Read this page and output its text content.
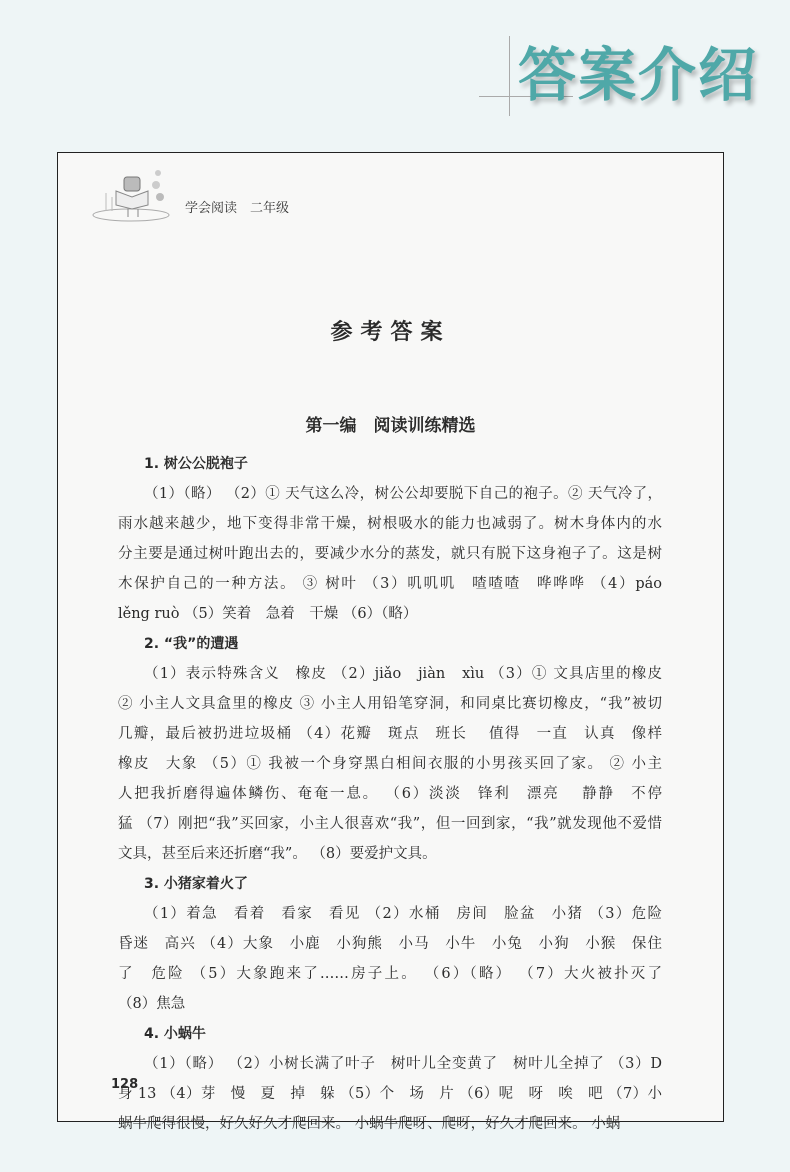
答案介绍
学会阅读　二年级
参考答案
第一编　阅读训练精选
1. 树公公脱袍子
（1）（略） （2）① 天气这么冷，树公公却要脱下自己的袍子。② 天气冷了，
雨水越来越少，地下变得非常干燥，树根吸水的能力也减弱了。树木身体内的水
分主要是通过树叶跑出去的，要减少水分的蒸发，就只有脱下这身袍子了。这是树
木保护自己的一种方法。 ③ 树叶 （3）叽叽叽　喳喳喳　哗哗哗 （4）páo
lěng ruò （5）笑着　急着　干燥 （6）（略）
2. “我”的遭遇
（1）表示特殊含义　橡皮 （2）jiǎo　jiàn　xìu （3）① 文具店里的橡皮
② 小主人文具盒里的橡皮 ③ 小主人用铅笔穿洞，和同桌比赛切橡皮，“我”被切
几瓣，最后被扔进垃圾桶 （4）花瓣　斑点　班长　 值得　一直　认真　像样
橡皮　大象 （5）① 我被一个身穿黑白相间衣服的小男孩买回了家。 ② 小主
人把我折磨得遍体鳞伤、奄奄一息。 （6）淡淡　锋利　漂亮　 静静　不停
猛 （7）刚把“我”买回家，小主人很喜欢“我”，但一回到家，“我”就发现他不爱惜
文具，甚至后来还折磨“我”。 （8）要爱护文具。
3. 小猪家着火了
（1）着急　看着　看家　看见 （2）水桶　房间　脸盆　小猪 （3）危险
昏迷　高兴 （4）大象　小鹿　小狗熊　小马　小牛　小兔　小狗　小猴　保住
了　危险 （5）大象跑来了……房子上。 （6）（略） （7）大火被扑灭了
（8）焦急
4. 小蜗牛
（1）（略） （2）小树长满了叶子　树叶儿全变黄了　树叶儿全掉了 （3）D
身 13 （4）芽　慢　夏　掉　躲 （5）个　场　片 （6）呢　呀　唉　吧 （7）小
蜗牛爬得很慢，好久好久才爬回来。 小蜗牛爬呀、爬呀，好久才爬回来。 小蜗
128
